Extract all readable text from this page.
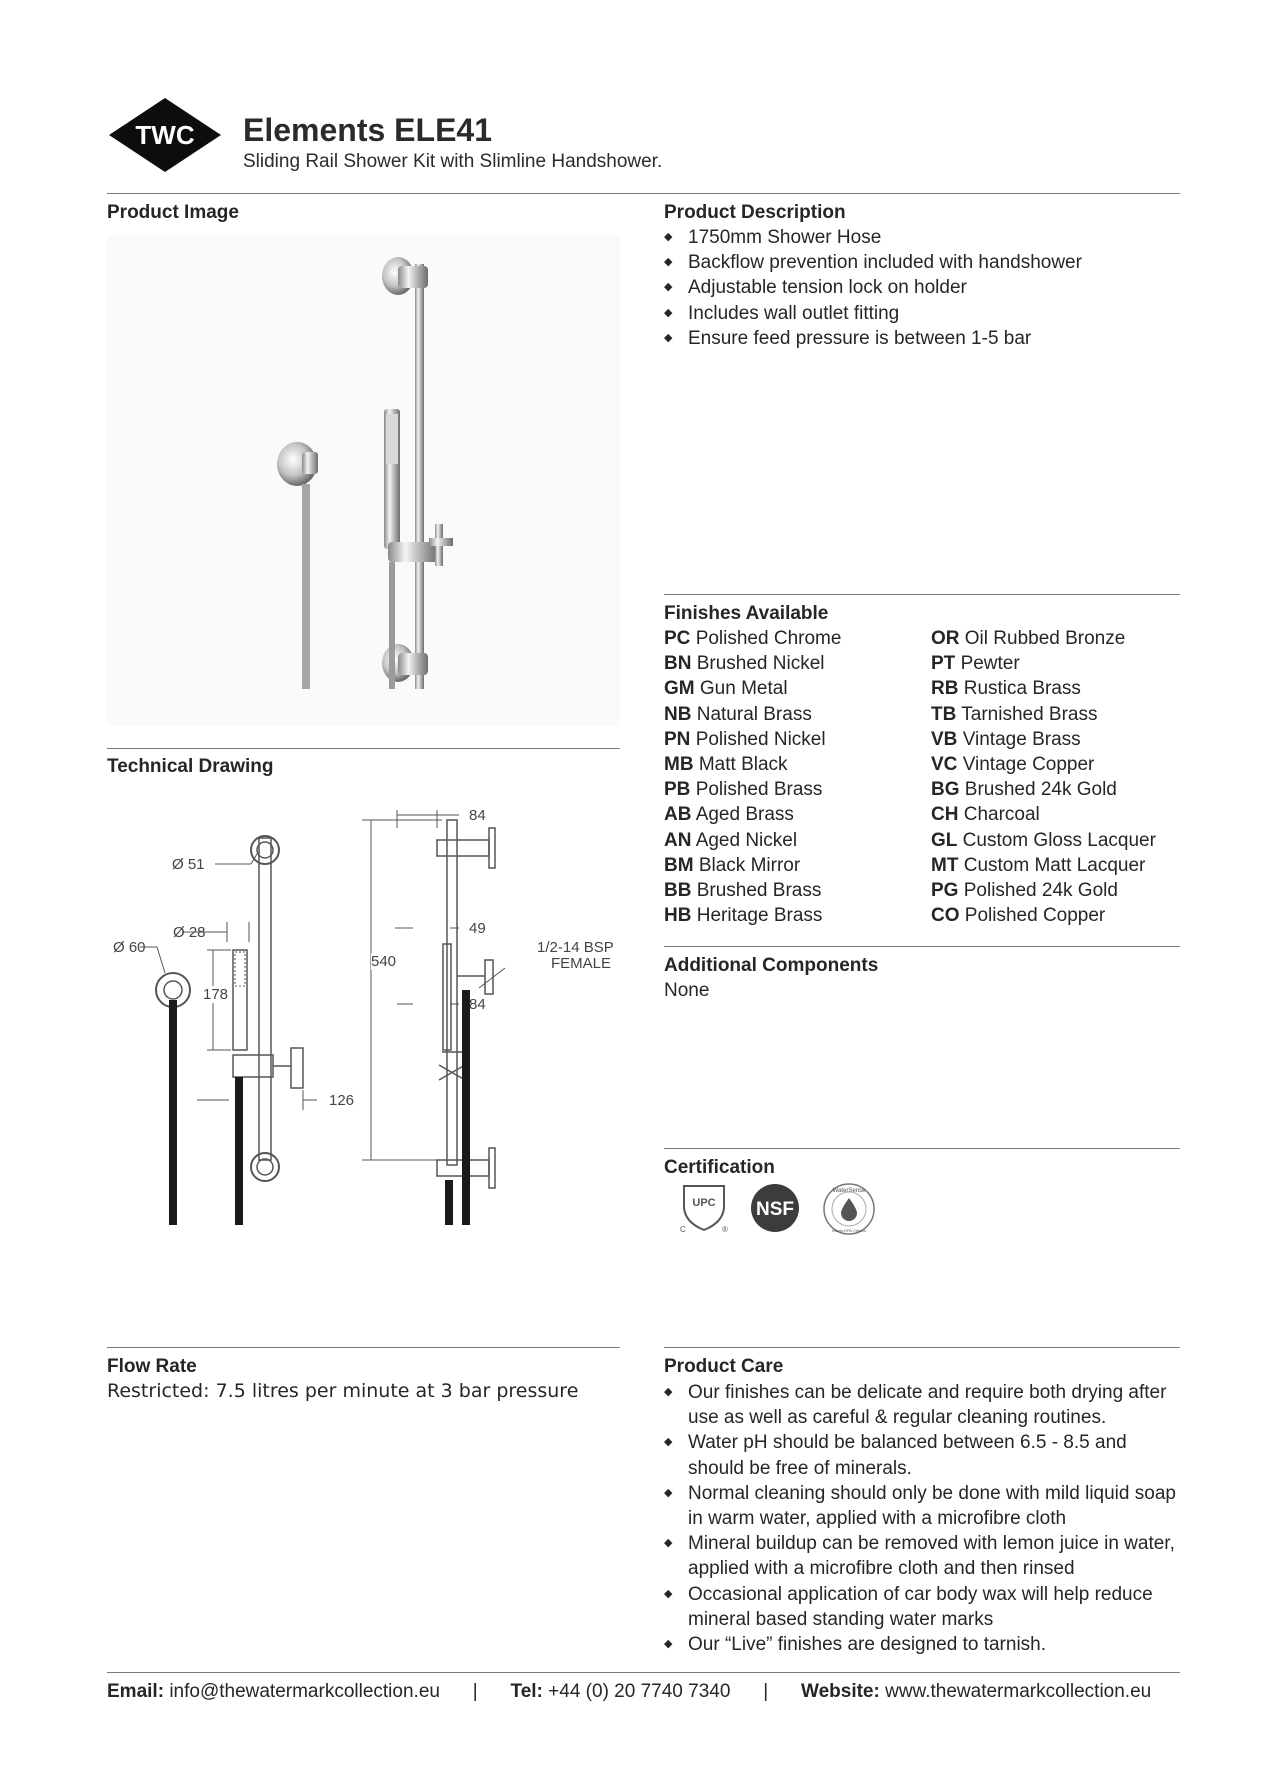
TWC Elements ELE41
Sliding Rail Shower Kit with Slimline Handshower.
Product Image
Technical Drawing
Ø 51
Ø 28
Ø 60
178
126
540
84
49
84
1/2-14 BSP
FEMALE
Product Description
◆ 1750mm Shower Hose
◆ Backflow prevention included with handshower
◆ Adjustable tension lock on holder
◆ Includes wall outlet fitting
◆ Ensure feed pressure is between 1-5 bar
Finishes Available
PC Polished Chrome
BN Brushed Nickel
GM Gun Metal
NB Natural Brass
PN Polished Nickel
MB Matt Black
PB Polished Brass
AB Aged Brass
AN Aged Nickel
BM Black Mirror
BB Brushed Brass
HB Heritage Brass
OR Oil Rubbed Bronze
PT Pewter
RB Rustica Brass
TB Tarnished Brass
VB Vintage Brass
VC Vintage Copper
BG Brushed 24k Gold
CH Charcoal
GL Custom Gloss Lacquer
MT Custom Matt Lacquer
PG Polished 24k Gold
CO Polished Copper
Additional Components
None
Certification
UPC
C	®
NSF
WaterSense
Meets EPA Criteria
Flow Rate
Restricted: 7.5 litres per minute at 3 bar pressure
Product Care
◆ Our finishes can be delicate and require both drying after use as well as careful & regular cleaning routines.
◆ Water pH should be balanced between 6.5 - 8.5 and should be free of minerals.
◆ Normal cleaning should only be done with mild liquid soap in warm water, applied with a microfibre cloth
◆ Mineral buildup can be removed with lemon juice in water, applied with a microfibre cloth and then rinsed
◆ Occasional application of car body wax will help reduce mineral based standing water marks
◆ Our “Live” finishes are designed to tarnish.
Email: info@thewatermarkcollection.eu | Tel: +44 (0) 20 7740 7340 | Website: www.thewatermarkcollection.eu
